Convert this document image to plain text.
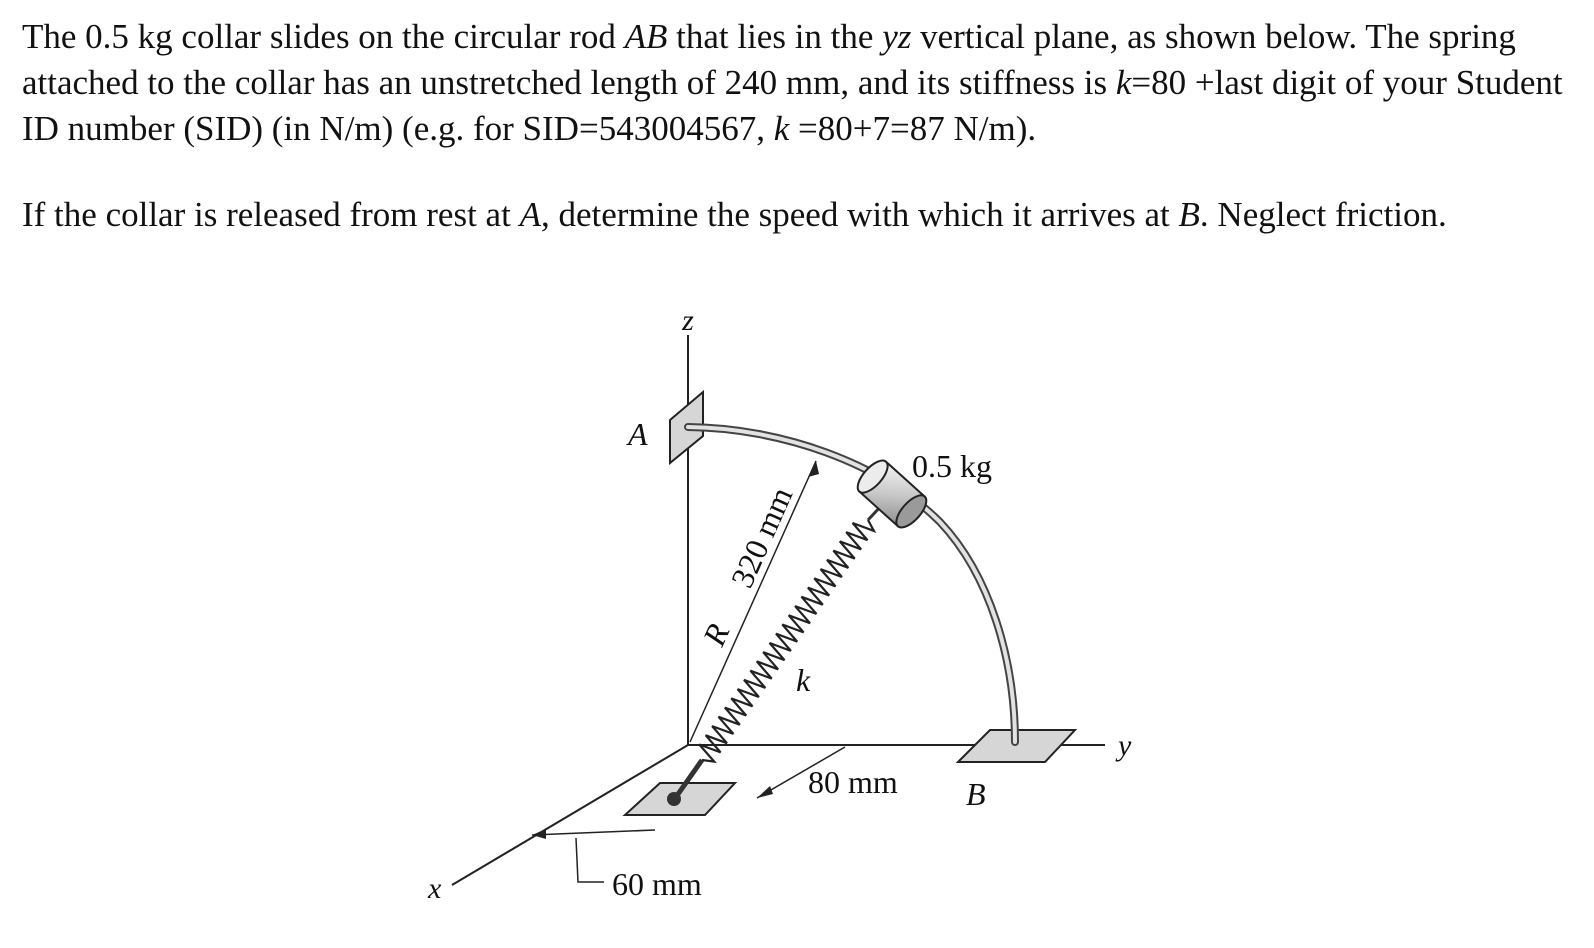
The 0.5 kg collar slides on the circular rod AB that lies in the yz vertical plane, as shown below. The spring attached to the collar has an unstretched length of 240 mm, and its stiffness is k=80 +last digit of your Student ID number (SID) (in N/m) (e.g. for SID=543004567, k =80+7=87 N/m).

If the collar is released from rest at A, determine the speed with which it arrives at B. Neglect friction.

z
y
x
A
B
0.5 kg
k
R
320 mm
80 mm
60 mm
